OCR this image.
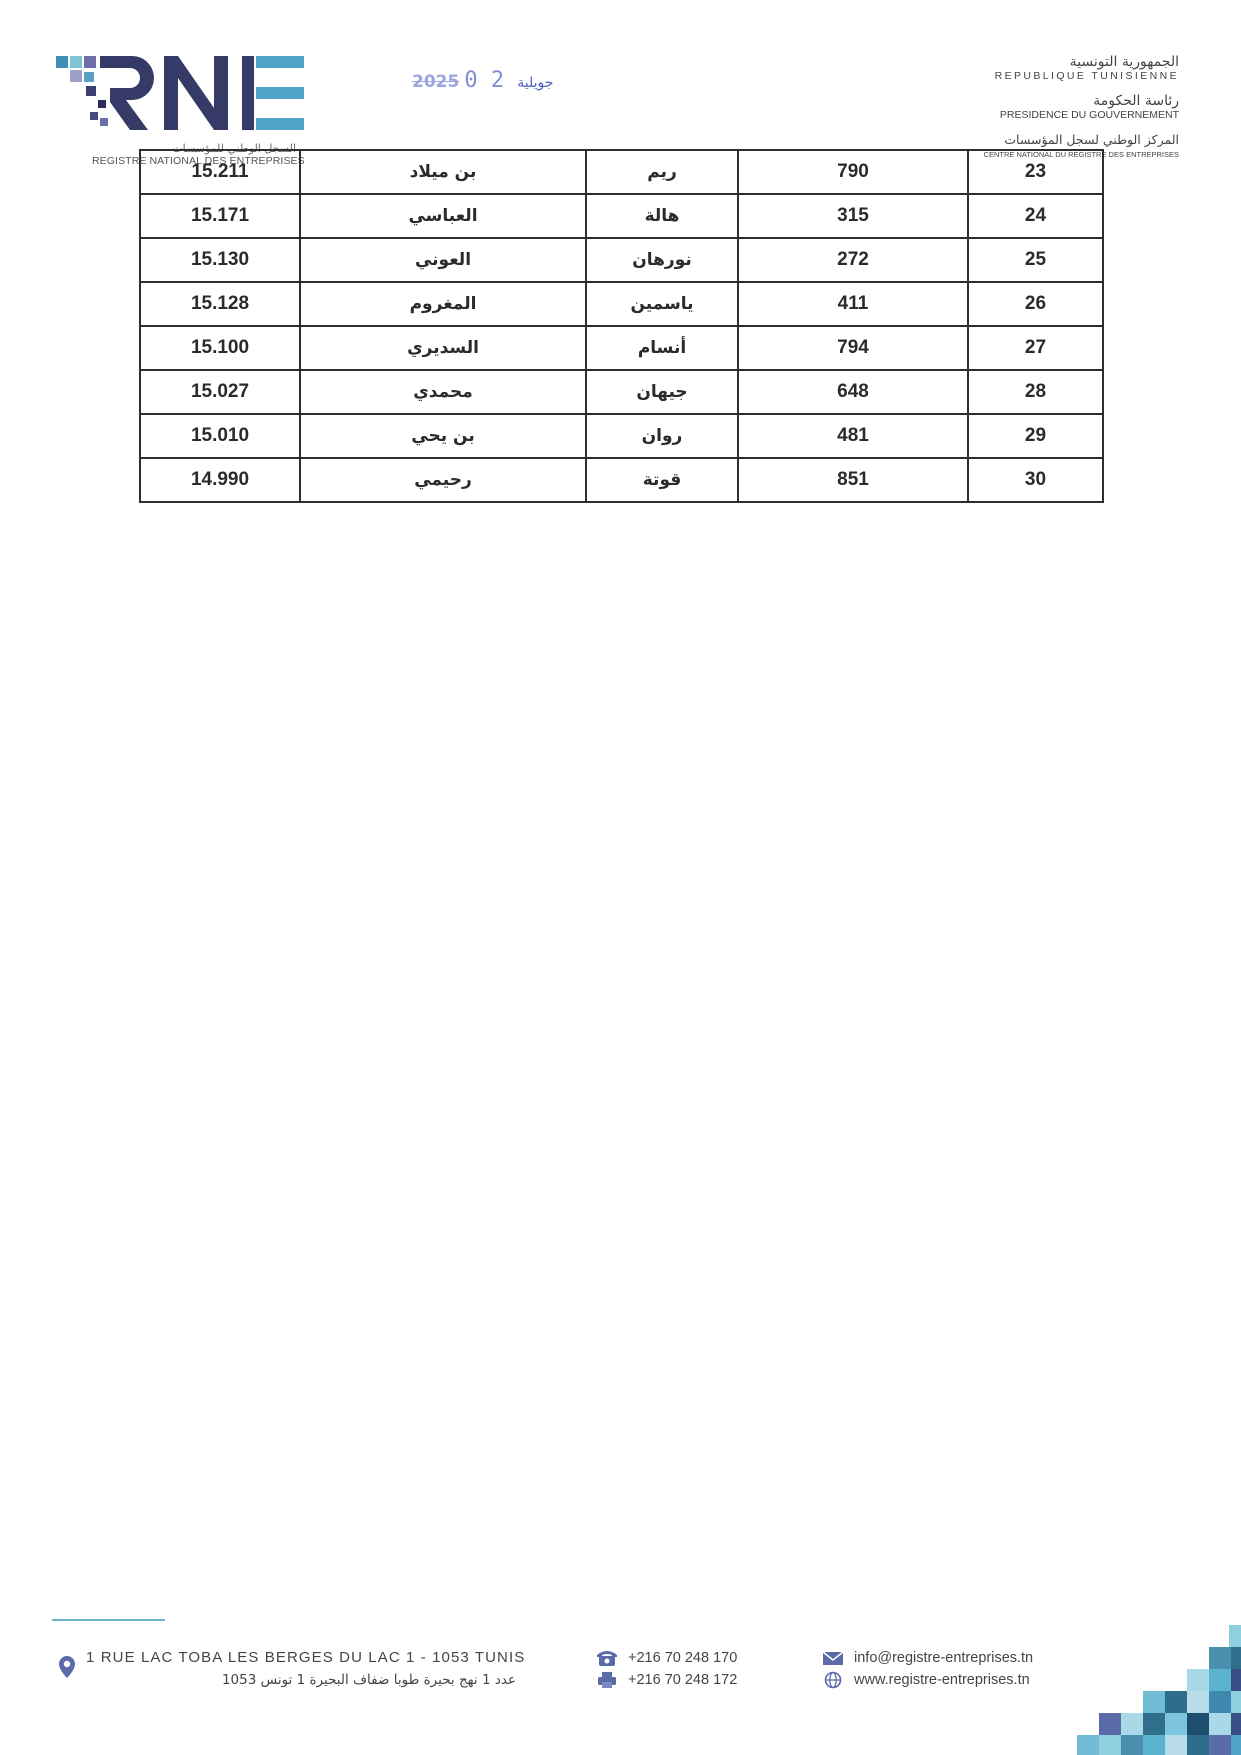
السجل الوطني للمؤسسات
REGISTRE NATIONAL DES ENTREPRISES
2025	جويلية 2 0
الجمهورية التونسية
REPUBLIQUE TUNISIENNE
رئاسة الحكومة
PRESIDENCE DU GOUVERNEMENT
المركز الوطني لسجل المؤسسات
CENTRE NATIONAL DU REGISTRE DES ENTREPRISES
15.211	بن ميلاد	ريم	790	23
15.171	العباسي	هالة	315	24
15.130	العوني	نورهان	272	25
15.128	المغروم	ياسمين	411	26
15.100	السديري	أنسام	794	27
15.027	محمدي	جيهان	648	28
15.010	بن يحي	روان	481	29
14.990	رحيمي	قوتة	851	30
1 RUE LAC TOBA LES BERGES DU LAC 1 - 1053 TUNIS
عدد 1 نهج بحيرة طوبا ضفاف البحيرة 1 تونس 1053
+216 70 248 170
+216 70 248 172
info@registre-entreprises.tn
www.registre-entreprises.tn
